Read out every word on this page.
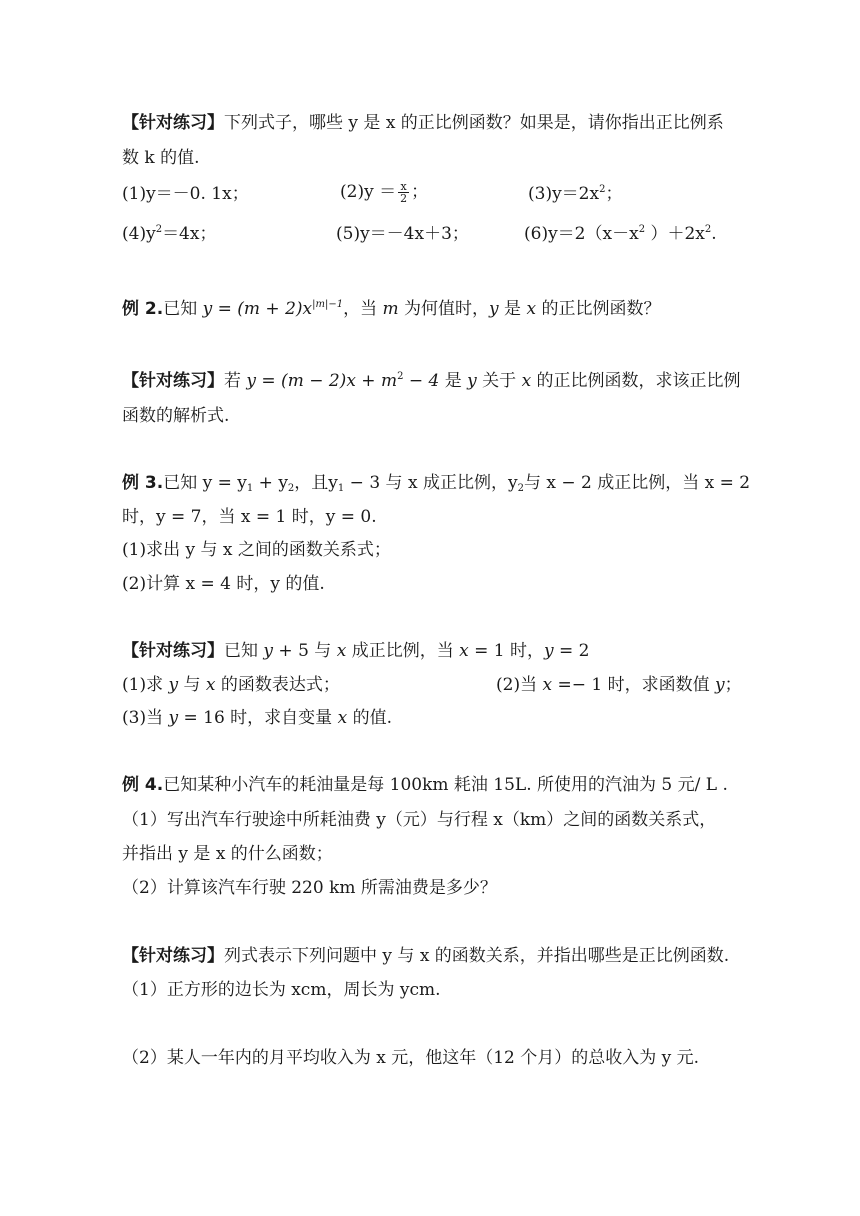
【针对练习】下列式子，哪些 y 是 x 的正比例函数？如果是，请你指出正比例系
数 k 的值.
(1)y＝－0. 1x；	$(2)y = \frac{x}{2}$ ；	$(3)y=2x^2$；
$(4)y^2=4x$；	(5)y＝－4x＋3；	$(6)y=2(x-x^2$ ）$+2x^2$.
例 2.已知 $y = (m + 2)x^{|m|-1}$，当 m 为何值时，y 是 x 的正比例函数？
【针对练习】若 $y = (m - 2)x + m^2 - 4$ 是 y 关于 x 的正比例函数，求该正比例
函数的解析式.
例 3.已知 $y = y_1 + y_2$，且$y_1 - 3$ 与 x 成正比例，$y_2$与 x − 2 成正比例，当 x = 2
时，y = 7，当 x = 1 时，y = 0.
(1)求出 y 与 x 之间的函数关系式；
(2)计算 x = 4 时，y 的值.
【针对练习】已知 y + 5 与 x 成正比例，当 x = 1 时，y = 2
(1)求 y 与 x 的函数表达式；	(2)当 x =− 1 时，求函数值 y；
(3)当 y = 16 时，求自变量 x 的值.
例 4.已知某种小汽车的耗油量是每 100km 耗油 15L. 所使用的汽油为 5 元/ L .
（1）写出汽车行驶途中所耗油费 y（元）与行程 x（km）之间的函数关系式，
并指出 y 是 x 的什么函数；
（2）计算该汽车行驶 220 km 所需油费是多少？
【针对练习】列式表示下列问题中 y 与 x 的函数关系，并指出哪些是正比例函数.
（1）正方形的边长为 xcm，周长为 ycm.
（2）某人一年内的月平均收入为 x 元，他这年（12 个月）的总收入为 y 元.
